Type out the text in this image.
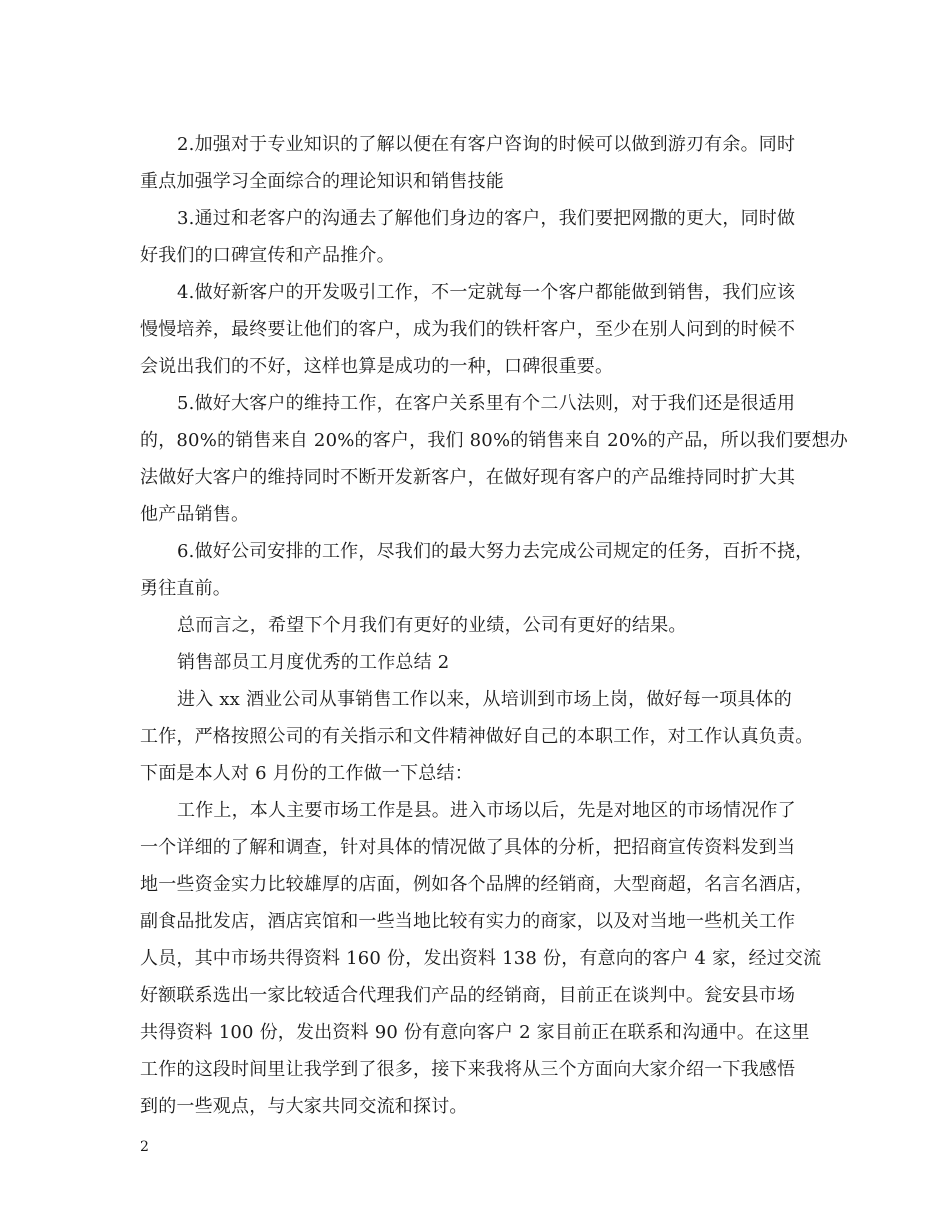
2.加强对于专业知识的了解以便在有客户咨询的时候可以做到游刃有余。同时
重点加强学习全面综合的理论知识和销售技能
3.通过和老客户的沟通去了解他们身边的客户，我们要把网撒的更大，同时做
好我们的口碑宣传和产品推介。
4.做好新客户的开发吸引工作，不一定就每一个客户都能做到销售，我们应该
慢慢培养，最终要让他们的客户，成为我们的铁杆客户，至少在别人问到的时候不
会说出我们的不好，这样也算是成功的一种，口碑很重要。
5.做好大客户的维持工作，在客户关系里有个二八法则，对于我们还是很适用
的，80%的销售来自 20%的客户，我们 80%的销售来自 20%的产品，所以我们要想办
法做好大客户的维持同时不断开发新客户，在做好现有客户的产品维持同时扩大其
他产品销售。
6.做好公司安排的工作，尽我们的最大努力去完成公司规定的任务，百折不挠，
勇往直前。
总而言之，希望下个月我们有更好的业绩，公司有更好的结果。
销售部员工月度优秀的工作总结 2
进入 xx 酒业公司从事销售工作以来，从培训到市场上岗，做好每一项具体的
工作，严格按照公司的有关指示和文件精神做好自己的本职工作，对工作认真负责。
下面是本人对 6 月份的工作做一下总结：
工作上，本人主要市场工作是县。进入市场以后，先是对地区的市场情况作了
一个详细的了解和调查，针对具体的情况做了具体的分析，把招商宣传资料发到当
地一些资金实力比较雄厚的店面，例如各个品牌的经销商，大型商超，名言名酒店，
副食品批发店，酒店宾馆和一些当地比较有实力的商家，以及对当地一些机关工作
人员，其中市场共得资料 160 份，发出资料 138 份，有意向的客户 4 家，经过交流
好额联系选出一家比较适合代理我们产品的经销商，目前正在谈判中。瓮安县市场
共得资料 100 份，发出资料 90 份有意向客户 2 家目前正在联系和沟通中。在这里
工作的这段时间里让我学到了很多，接下来我将从三个方面向大家介绍一下我感悟
到的一些观点，与大家共同交流和探讨。
2
